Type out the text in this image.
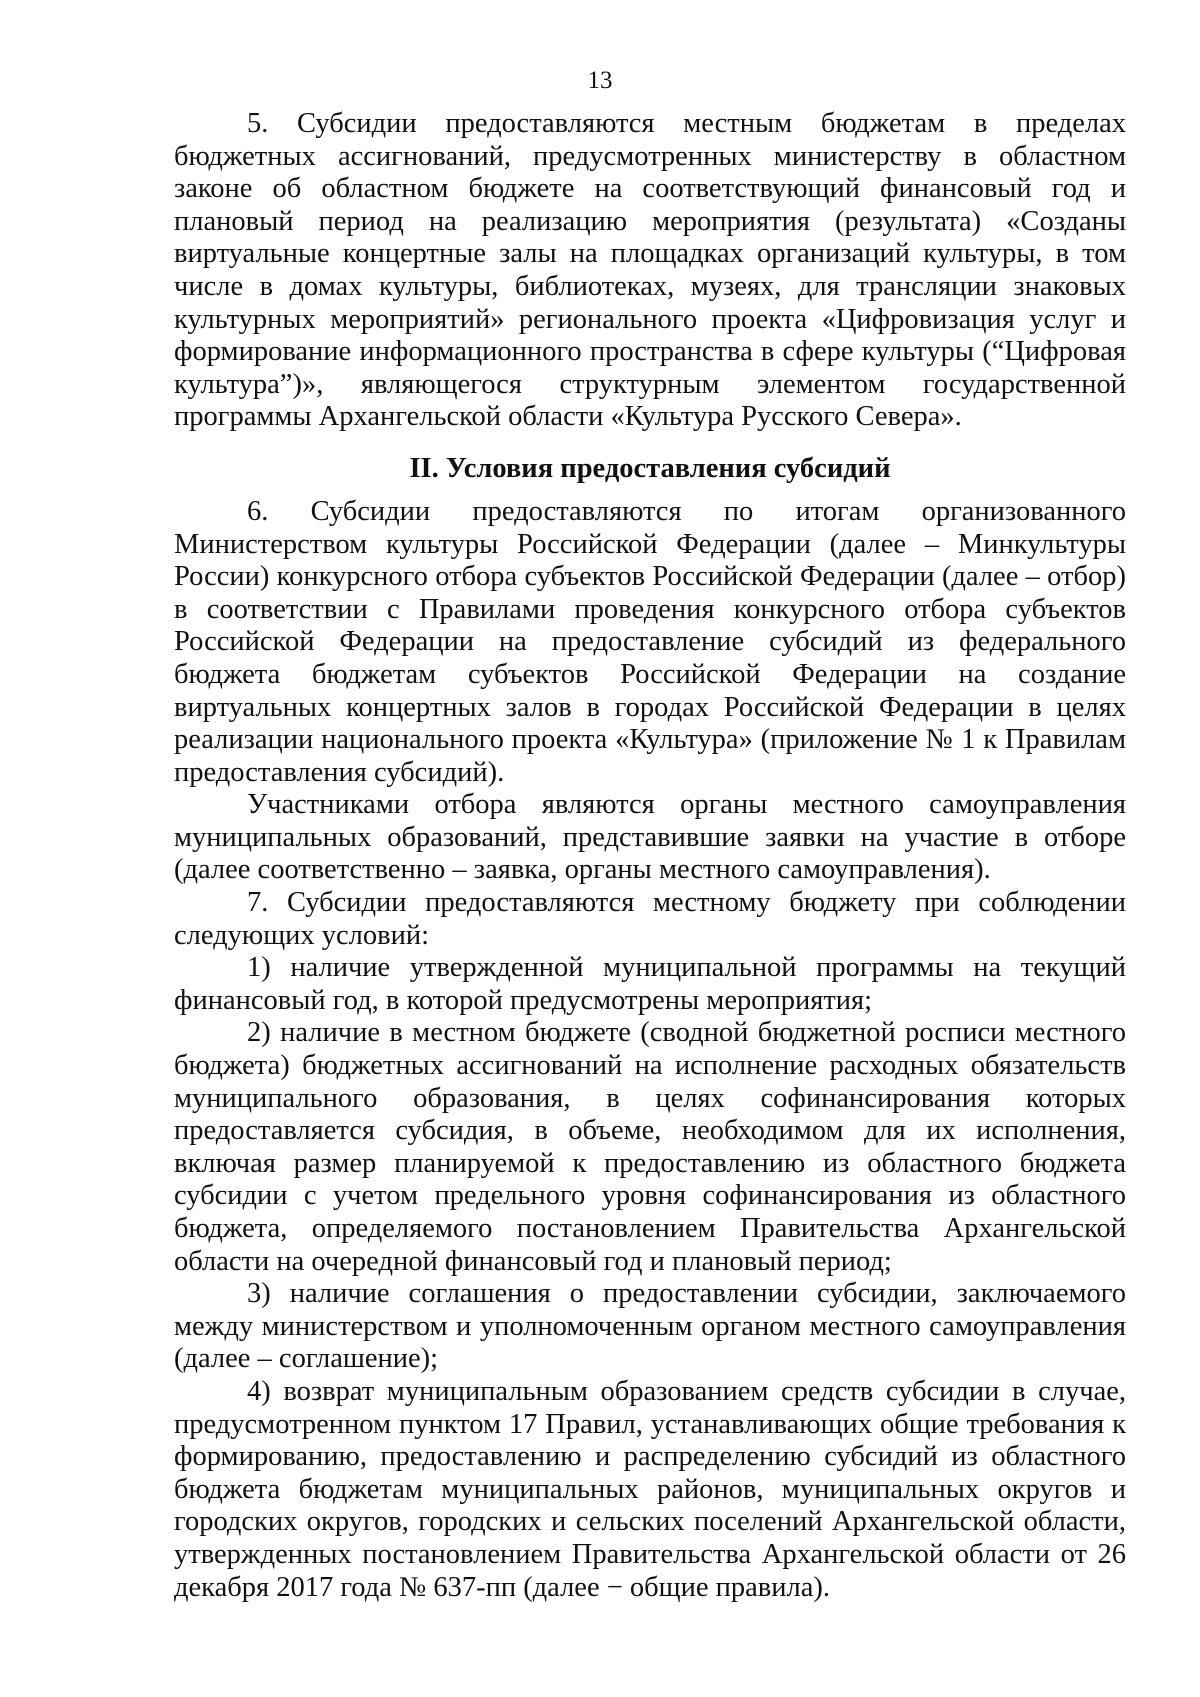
13

5. Субсидии предоставляются местным бюджетам в пределах бюджетных ассигнований, предусмотренных министерству в областном законе об областном бюджете на соответствующий финансовый год и плановый период на реализацию мероприятия (результата) «Созданы виртуальные концертные залы на площадках организаций культуры, в том числе в домах культуры, библиотеках, музеях, для трансляции знаковых культурных мероприятий» регионального проекта «Цифровизация услуг и формирование информационного пространства в сфере культуры (“Цифровая культура”)», являющегося структурным элементом государственной программы Архангельской области «Культура Русского Севера».

II. Условия предоставления субсидий

6. Субсидии предоставляются по итогам организованного Министерством культуры Российской Федерации (далее – Минкультуры России) конкурсного отбора субъектов Российской Федерации (далее – отбор) в соответствии с Правилами проведения конкурсного отбора субъектов Российской Федерации на предоставление субсидий из федерального бюджета бюджетам субъектов Российской Федерации на создание виртуальных концертных залов в городах Российской Федерации в целях реализации национального проекта «Культура» (приложение № 1 к Правилам предоставления субсидий).

Участниками отбора являются органы местного самоуправления муниципальных образований, представившие заявки на участие в отборе (далее соответственно – заявка, органы местного самоуправления).

7. Субсидии предоставляются местному бюджету при соблюдении следующих условий:

1) наличие утвержденной муниципальной программы на текущий финансовый год, в которой предусмотрены мероприятия;

2) наличие в местном бюджете (сводной бюджетной росписи местного бюджета) бюджетных ассигнований на исполнение расходных обязательств муниципального образования, в целях софинансирования которых предоставляется субсидия, в объеме, необходимом для их исполнения, включая размер планируемой к предоставлению из областного бюджета субсидии с учетом предельного уровня софинансирования из областного бюджета, определяемого постановлением Правительства Архангельской области на очередной финансовый год и плановый период;

3) наличие соглашения о предоставлении субсидии, заключаемого между министерством и уполномоченным органом местного самоуправления (далее – соглашение);

4) возврат муниципальным образованием средств субсидии в случае, предусмотренном пунктом 17 Правил, устанавливающих общие требования к формированию, предоставлению и распределению субсидий из областного бюджета бюджетам муниципальных районов, муниципальных округов и городских округов, городских и сельских поселений Архангельской области, утвержденных постановлением Правительства Архангельской области от 26 декабря 2017 года № 637-пп (далее − общие правила).
